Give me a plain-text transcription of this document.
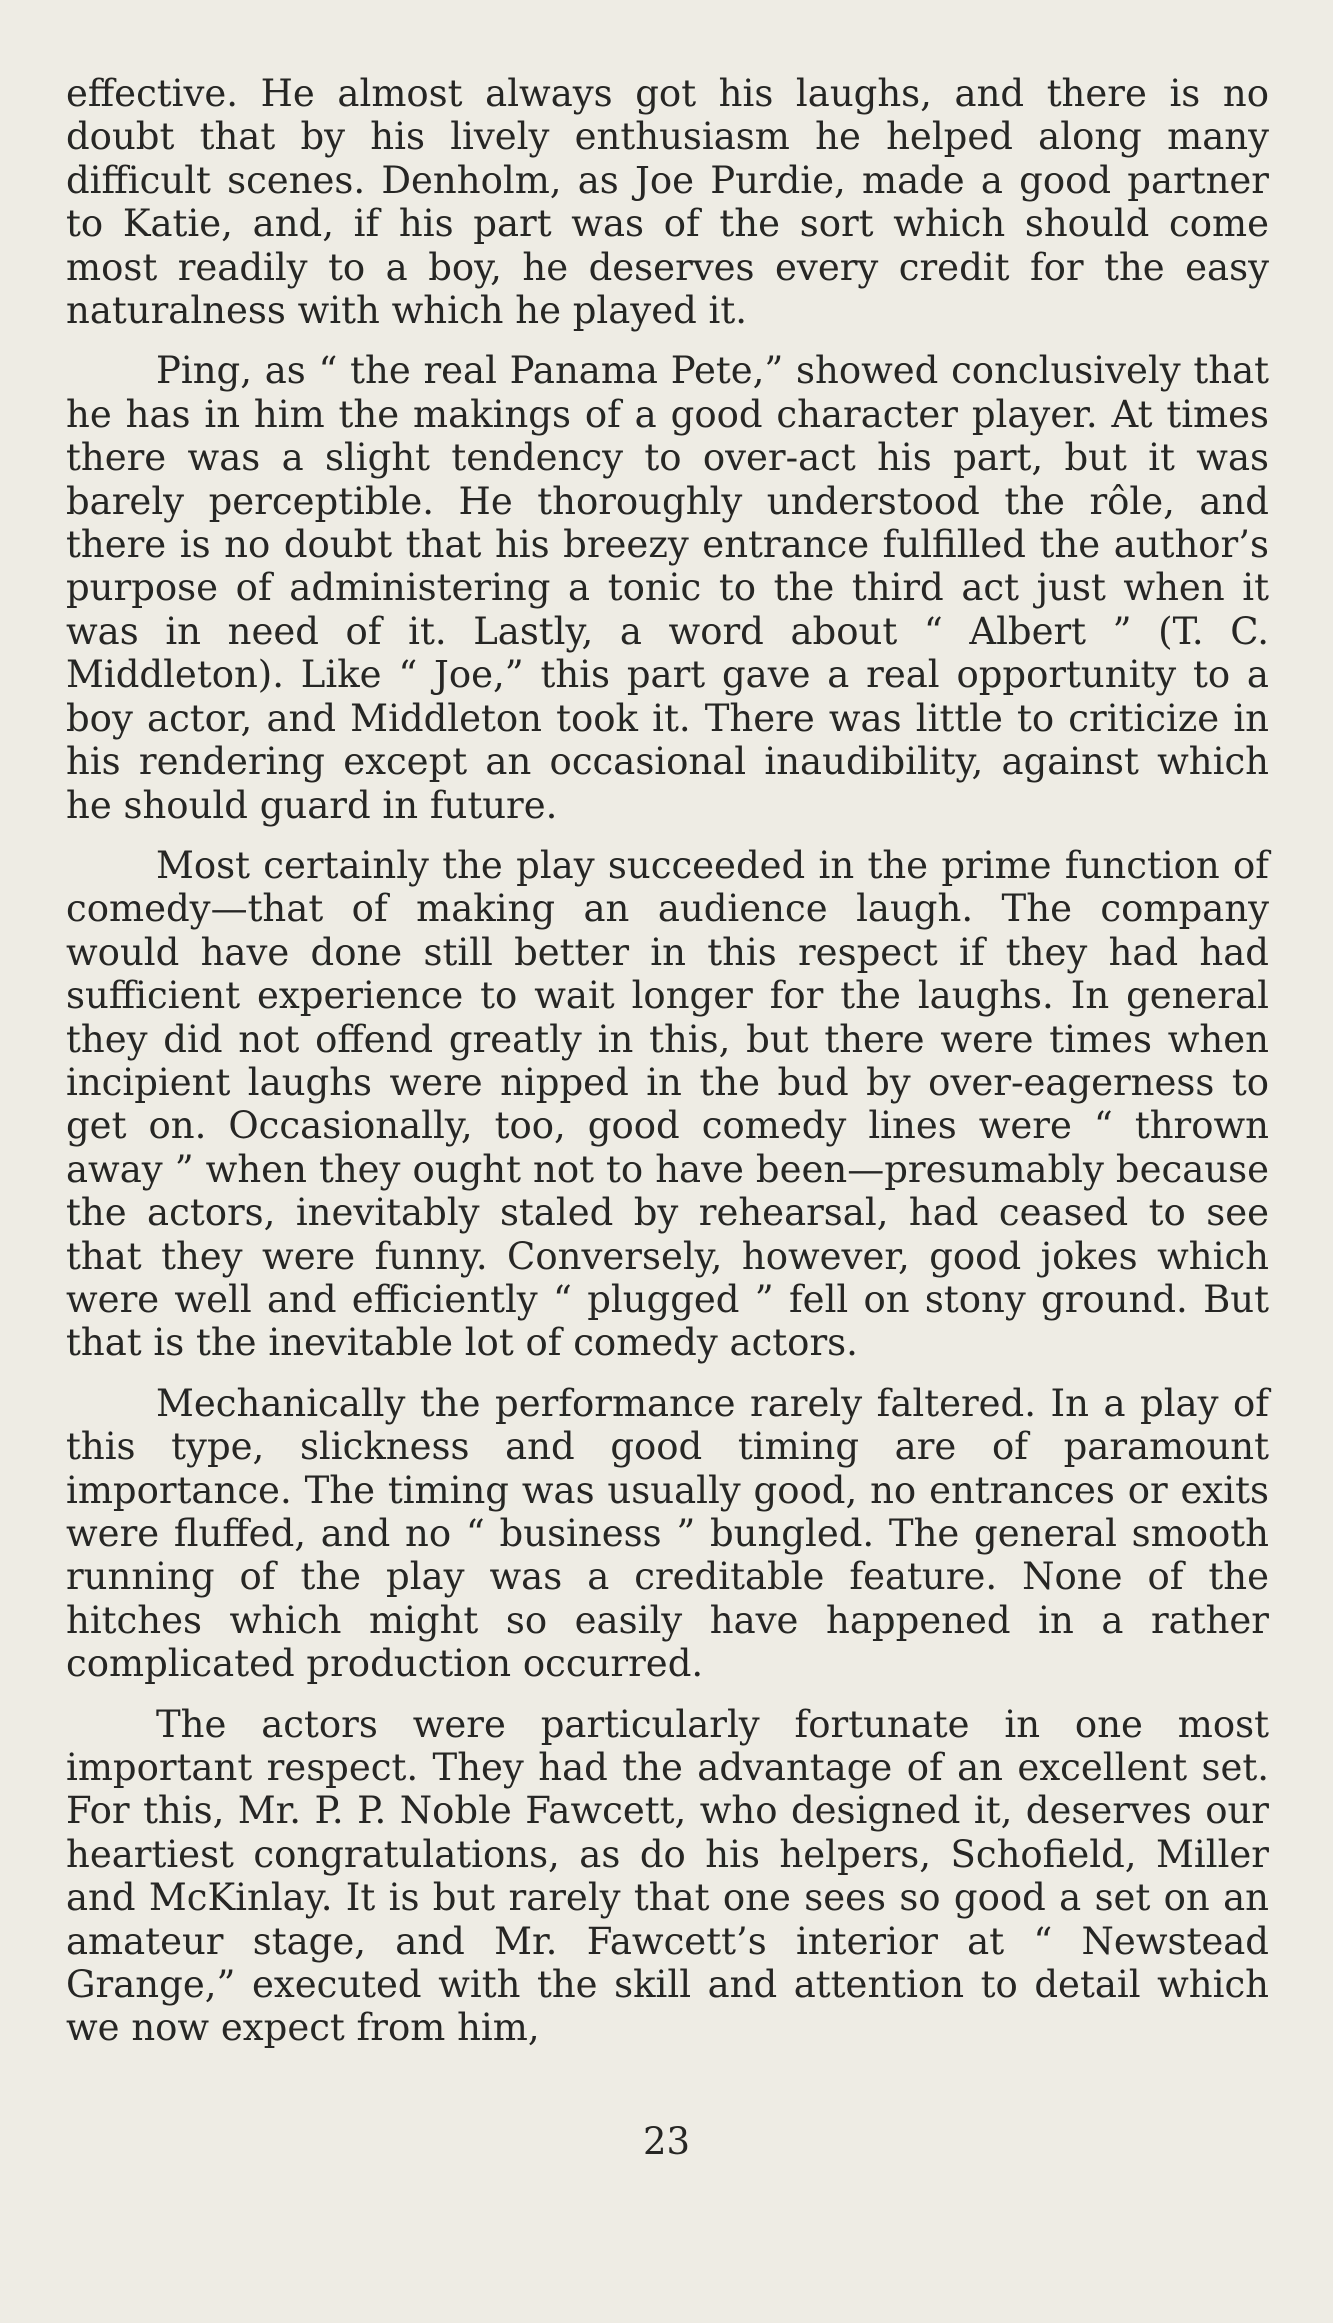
effective. He almost always got his laughs, and there is no doubt that by his lively enthusiasm he helped along many difficult scenes. Denholm, as Joe Purdie, made a good partner to Katie, and, if his part was of the sort which should come most readily to a boy, he deserves every credit for the easy naturalness with which he played it.

Ping, as “ the real Panama Pete,” showed conclusively that he has in him the makings of a good character player. At times there was a slight tendency to over-act his part, but it was barely perceptible. He thoroughly understood the rôle, and there is no doubt that his breezy entrance fulfilled the author’s purpose of administering a tonic to the third act just when it was in need of it. Lastly, a word about “ Albert ” (T. C. Middleton). Like “ Joe,” this part gave a real opportunity to a boy actor, and Middleton took it. There was little to criticize in his rendering except an occasional inaudibility, against which he should guard in future.

Most certainly the play succeeded in the prime function of comedy—that of making an audience laugh. The company would have done still better in this respect if they had had sufficient experience to wait longer for the laughs. In general they did not offend greatly in this, but there were times when incipient laughs were nipped in the bud by over-eagerness to get on. Occasionally, too, good comedy lines were “ thrown away ” when they ought not to have been—presumably because the actors, inevitably staled by rehearsal, had ceased to see that they were funny. Conversely, however, good jokes which were well and efficiently “ plugged ” fell on stony ground. But that is the inevitable lot of comedy actors.

Mechanically the performance rarely faltered. In a play of this type, slickness and good timing are of paramount importance. The timing was usually good, no entrances or exits were fluffed, and no “ business ” bungled. The general smooth running of the play was a creditable feature. None of the hitches which might so easily have happened in a rather complicated production occurred.

The actors were particularly fortunate in one most important respect. They had the advantage of an excellent set. For this, Mr. P. P. Noble Fawcett, who designed it, deserves our heartiest congratulations, as do his helpers, Schofield, Miller and McKinlay. It is but rarely that one sees so good a set on an amateur stage, and Mr. Fawcett’s interior at “ Newstead Grange,” executed with the skill and attention to detail which we now expect from him,

23
